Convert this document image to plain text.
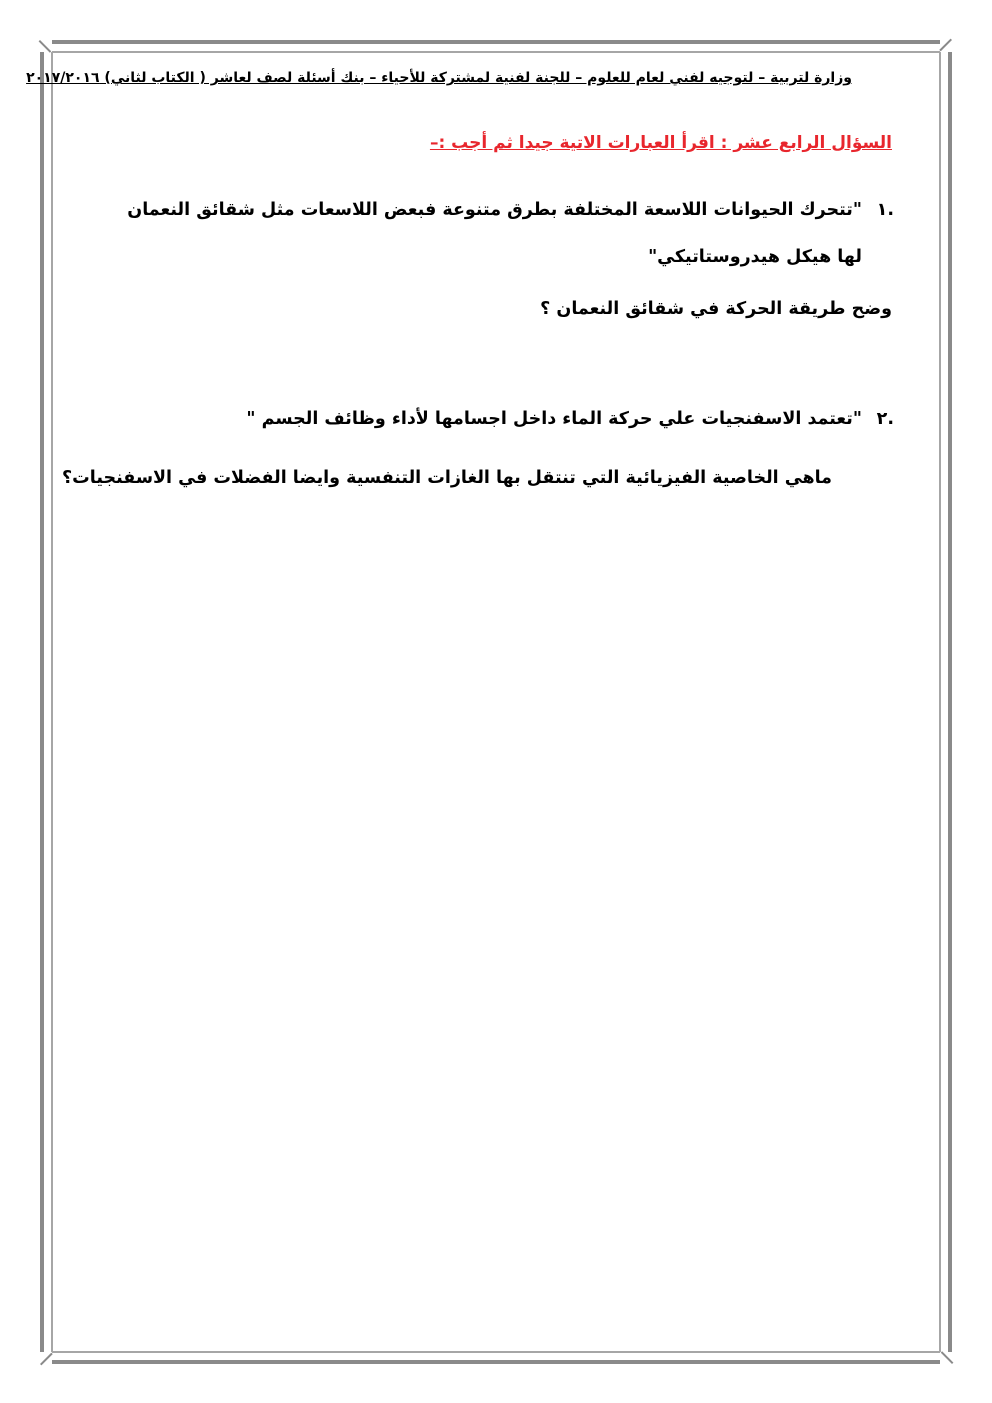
وزارة لتربية – لتوجيه لفني لعام للعلوم – للجنة لفنية لمشتركة للأحياء – بنك أسئلة لصف لعاشر ( الكتاب لثاني) ٢٠١٧/٢٠١٦
السؤال الرابع عشر : اقرأ العبارات الاتية جيدا ثم أجب :–
.١
"تتحرك الحيوانات اللاسعة المختلفة بطرق متنوعة فبعض اللاسعات مثل شقائق النعمان لها هيكل هيدروستاتيكي"
وضح طريقة الحركة في شقائق النعمان ؟
.٢
"تعتمد الاسفنجيات علي حركة الماء داخل اجسامها لأداء وظائف الجسم "
ماهي الخاصية الفيزيائية التي تنتقل بها الغازات التنفسية وايضا الفضلات في الاسفنجيات؟
